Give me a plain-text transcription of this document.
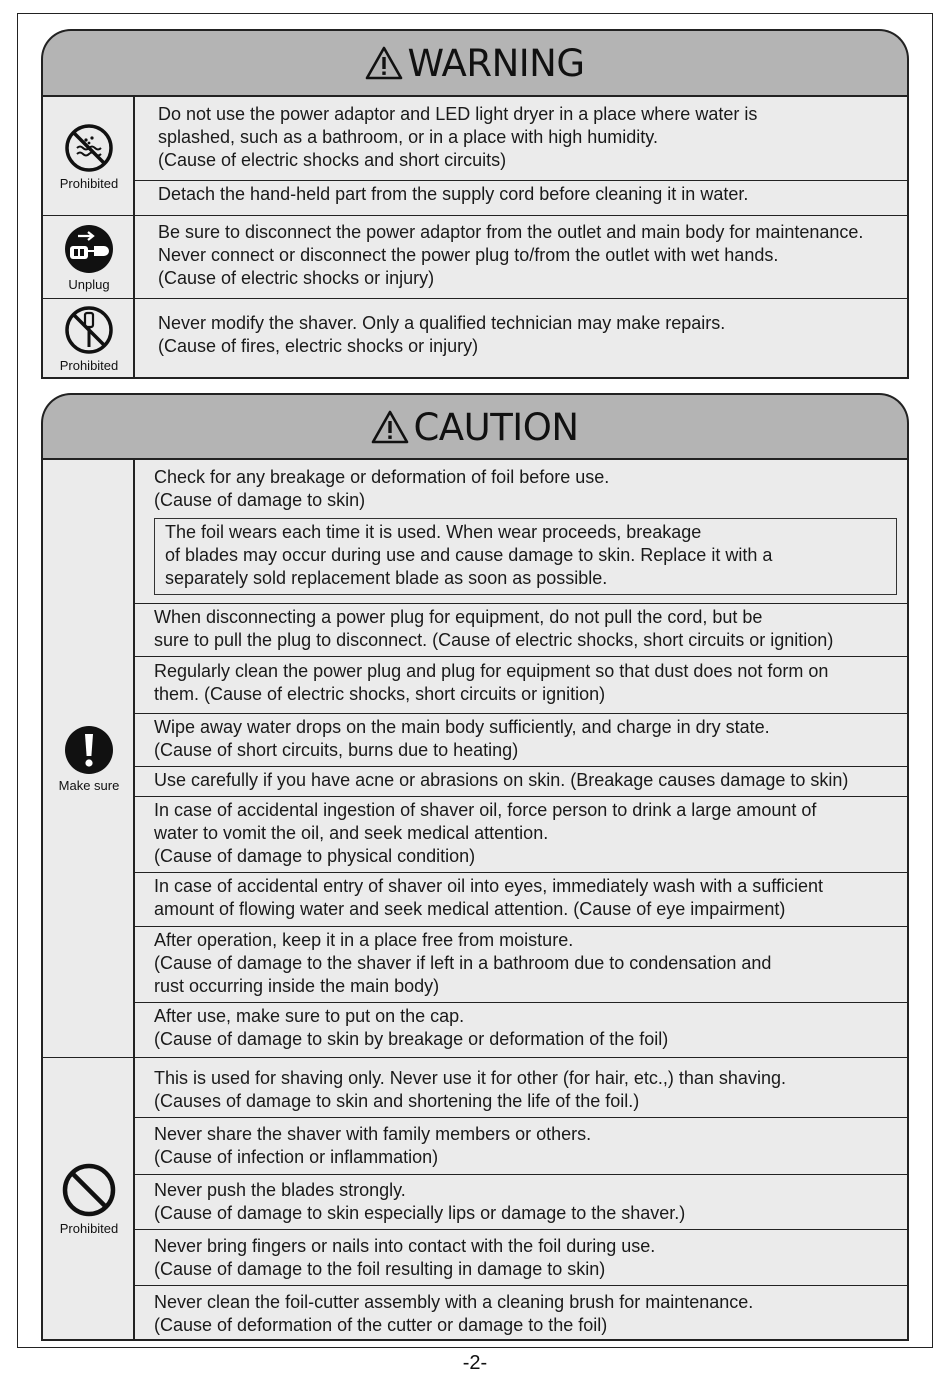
WARNING
Prohibited
Do not use the power adaptor and LED light dryer in a place where water is
splashed, such as a bathroom, or in a place with high humidity.
(Cause of electric shocks and short circuits)
Detach the hand-held part from the supply cord before cleaning it in water.
Unplug
Be sure to disconnect the power adaptor from the outlet and main body for maintenance.
Never connect or disconnect the power plug to/from the outlet with wet hands.
(Cause of electric shocks or injury)
Prohibited
Never modify the shaver. Only a qualified technician may make repairs.
(Cause of fires, electric shocks or injury)
CAUTION
Make sure
Check for any breakage or deformation of foil before use.
(Cause of damage to skin)
The foil wears each time it is used. When wear proceeds, breakage
of blades may occur during use and cause damage to skin. Replace it with a
separately sold replacement blade as soon as possible.
When disconnecting a power plug for equipment, do not pull the cord, but be
sure to pull the plug to disconnect. (Cause of electric shocks, short circuits or ignition)
Regularly clean the power plug and plug for equipment so that dust does not form on
them. (Cause of electric shocks, short circuits or ignition)
Wipe away water drops on the main body sufficiently, and charge in dry state.
(Cause of short circuits, burns due to heating)
Use carefully if you have acne or abrasions on skin. (Breakage causes damage to skin)
In case of accidental ingestion of shaver oil, force person to drink a large amount of
water to vomit the oil, and seek medical attention.
(Cause of damage to physical condition)
In case of accidental entry of shaver oil into eyes, immediately wash with a sufficient
amount of flowing water and seek medical attention. (Cause of eye impairment)
After operation, keep it in a place free from moisture.
(Cause of damage to the shaver if left in a bathroom due to condensation and
rust occurring inside the main body)
After use, make sure to put on the cap.
(Cause of damage to skin by breakage or deformation of the foil)
Prohibited
This is used for shaving only. Never use it for other (for hair, etc.,) than shaving.
(Causes of damage to skin and shortening the life of the foil.)
Never share the shaver with family members or others.
(Cause of infection or inflammation)
Never push the blades strongly.
(Cause of damage to skin especially lips or damage to the shaver.)
Never bring fingers or nails into contact with the foil during use.
(Cause of damage to the foil resulting in damage to skin)
Never clean the foil-cutter assembly with a cleaning brush for maintenance.
(Cause of deformation of the cutter or damage to the foil)
-2-
